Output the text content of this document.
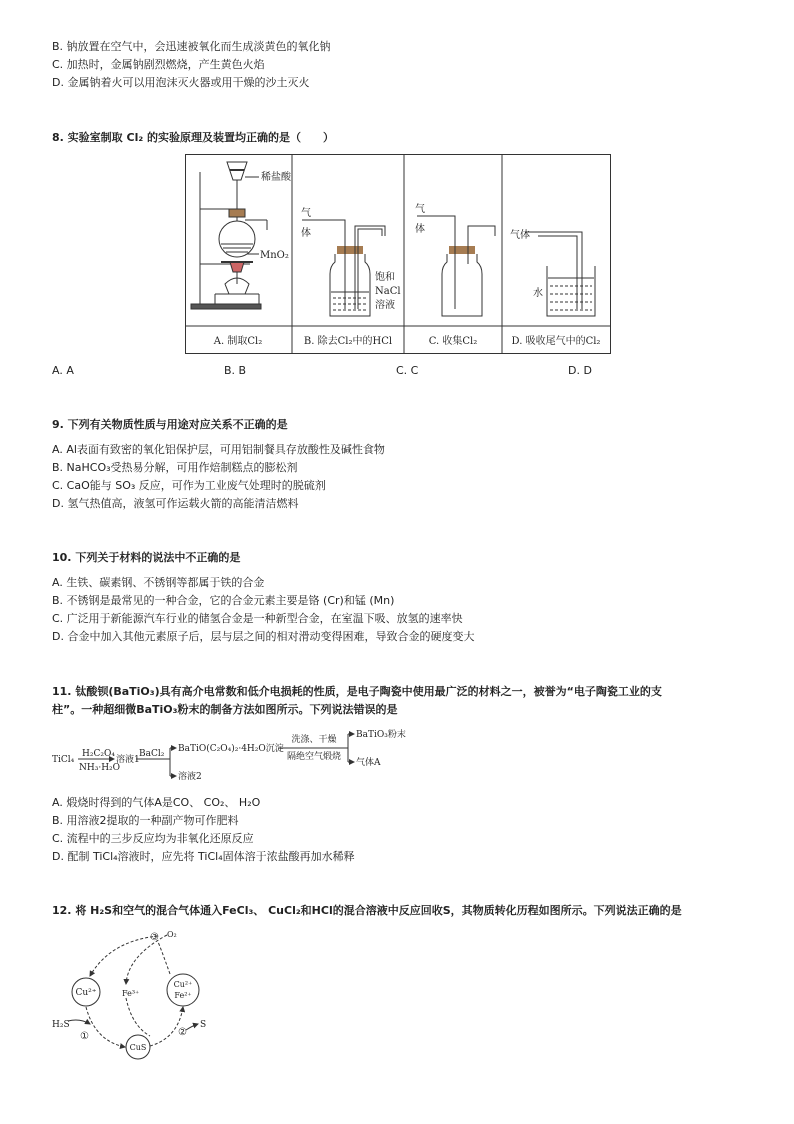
B. 钠放置在空气中，会迅速被氧化而生成淡黄色的氧化钠
C. 加热时，金属钠剧烈燃烧，产生黄色火焰
D. 金属钠着火可以用泡沫灭火器或用干燥的沙土灭火
8. 实验室制取 Cl₂ 的实验原理及装置均正确的是（　　）
稀盐酸
MnO₂
A. 制取Cl₂
气
体
饱和
NaCl
溶液
B. 除去Cl₂中的HCl
气
体
C. 收集Cl₂
气体
水
D. 吸收尾气中的Cl₂
A. A	B. B	C. C	D. D
9. 下列有关物质性质与用途对应关系不正确的是
A. Al表面有致密的氧化铝保护层，可用铝制餐具存放酸性及碱性食物
B. NaHCO₃受热易分解，可用作焙制糕点的膨松剂
C. CaO能与 SO₃ 反应，可作为工业废气处理时的脱硫剂
D. 氢气热值高，液氢可作运载火箭的高能清洁燃料
10. 下列关于材料的说法中不正确的是
A. 生铁、碳素钢、不锈钢等都属于铁的合金
B. 不锈钢是最常见的一种合金，它的合金元素主要是铬 (Cr)和锰 (Mn)
C. 广泛用于新能源汽车行业的储氢合金是一种新型合金，在室温下吸、放氢的速率快
D. 合金中加入其他元素原子后，层与层之间的相对滑动变得困难，导致合金的硬度变大
11. 钛酸钡(BaTiO₃)具有高介电常数和低介电损耗的性质，是电子陶瓷中使用最广泛的材料之一，被誉为“电子陶瓷工业的支
柱”。一种超细微BaTiO₃粉末的制备方法如图所示。下列说法错误的是
TiCl₄
H₂C₂O₄
NH₃·H₂O
溶液1
BaCl₂ BaTiO(C₂O₄)₂·4H₂O沉淀
溶液2
洗涤、干燥
隔绝空气煅烧
BaTiO₃粉末
气体A
A. 煅烧时得到的气体A是CO、 CO₂、 H₂O
B. 用溶液2提取的一种副产物可作肥料
C. 流程中的三步反应均为非氧化还原反应
D. 配制 TiCl₄溶液时，应先将 TiCl₄固体溶于浓盐酸再加水稀释
12. 将 H₂S和空气的混合气体通入FeCl₃、 CuCl₂和HCl的混合溶液中反应回收S，其物质转化历程如图所示。下列说法正确的是
Cu²⁺
Cu²⁺
Fe²⁺
CuS
Fe³⁺
H₂S	S
O₂
③
①	②
